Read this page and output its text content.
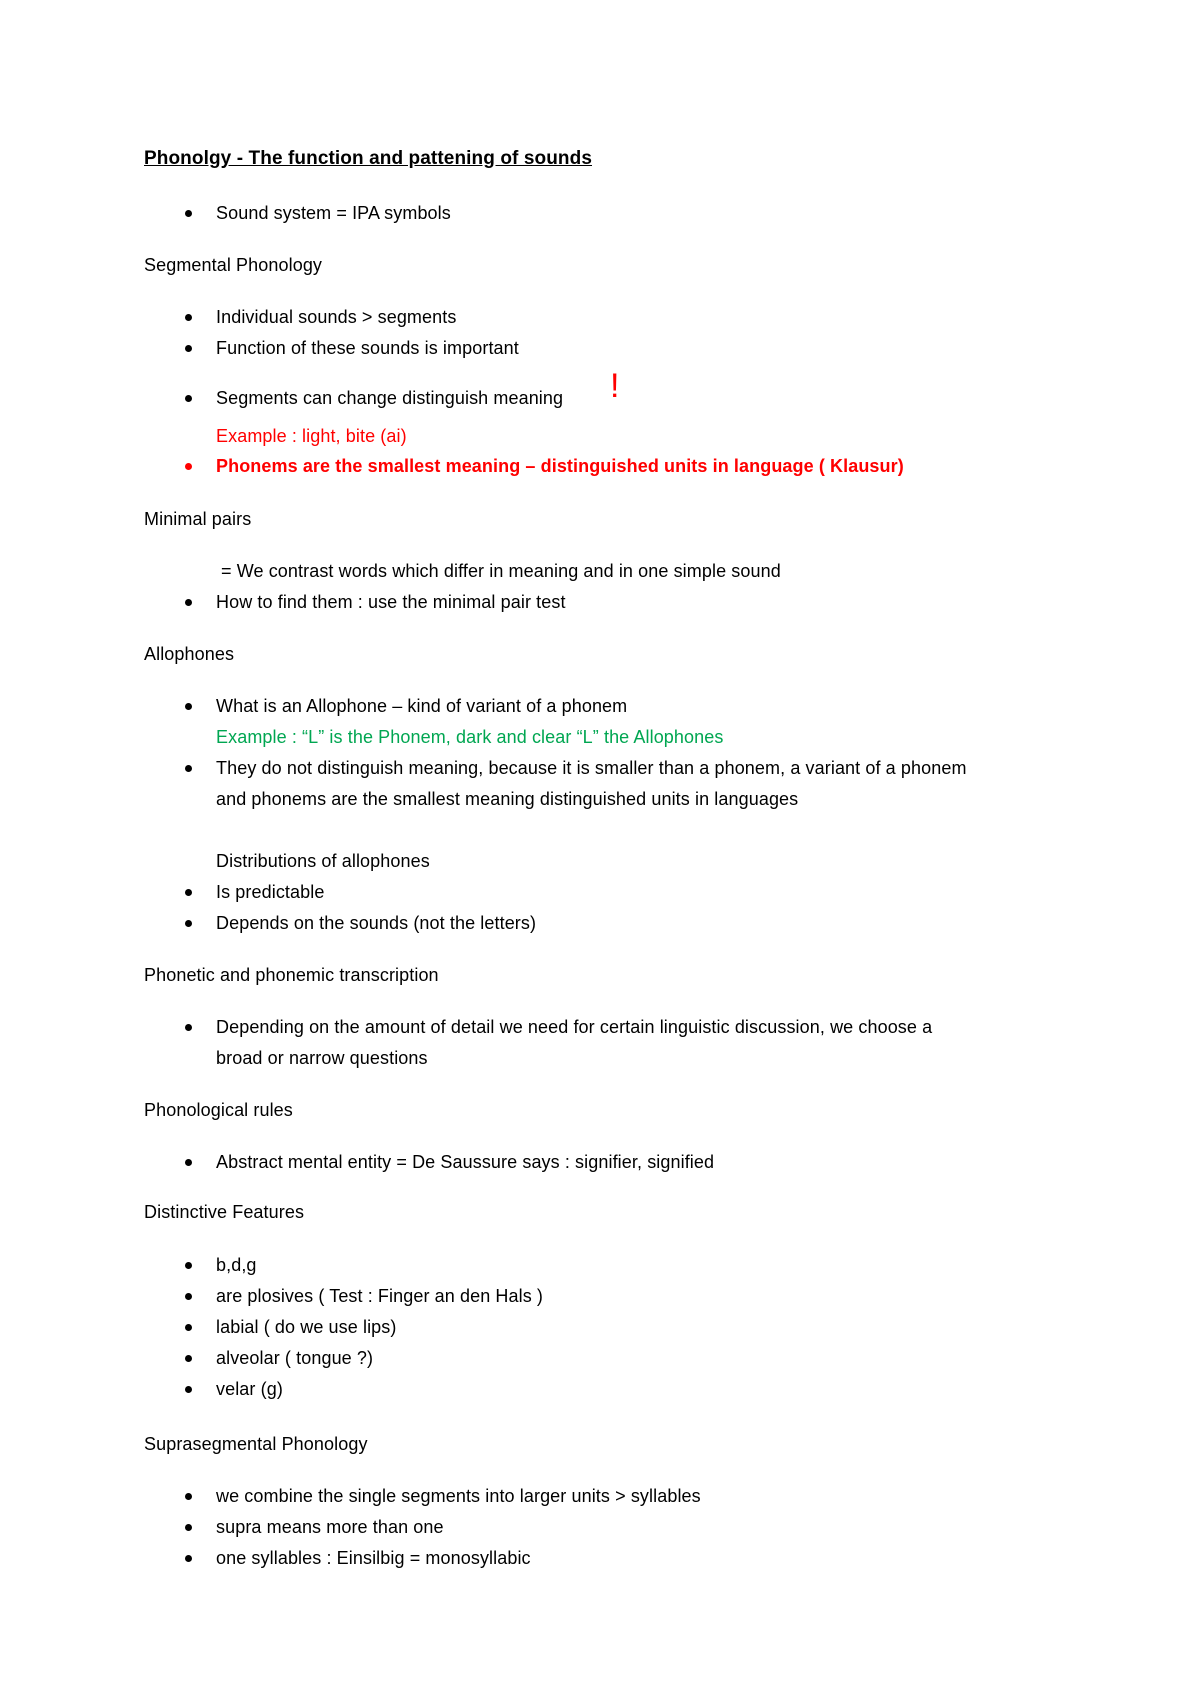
Phonolgy - The function and pattening of sounds
Sound system = IPA symbols
Segmental Phonology
Individual sounds > segments
Function of these sounds is important
Segments can change distinguish meaning !
Example : light, bite (ai)
Phonems are the smallest meaning – distinguished units in language ( Klausur)
Minimal pairs
= We contrast words which differ in meaning and in one simple sound
How to find them : use the minimal pair test
Allophones
What is an Allophone – kind of variant of a phonem
Example : “L” is the Phonem, dark and clear “L” the Allophones
They do not distinguish meaning, because it is smaller than a phonem, a variant of a phonem
and phonems are the smallest meaning distinguished units in languages
Distributions of allophones
Is predictable
Depends on the sounds (not the letters)
Phonetic and phonemic transcription
Depending on the amount of detail we need for certain linguistic discussion, we choose a
broad or narrow questions
Phonological rules
Abstract mental entity = De Saussure says : signifier, signified
Distinctive Features
b,d,g
are plosives ( Test : Finger an den Hals )
labial ( do we use lips)
alveolar ( tongue ?)
velar (g)
Suprasegmental Phonology
we combine the single segments into larger units > syllables
supra means more than one
one syllables : Einsilbig = monosyllabic
